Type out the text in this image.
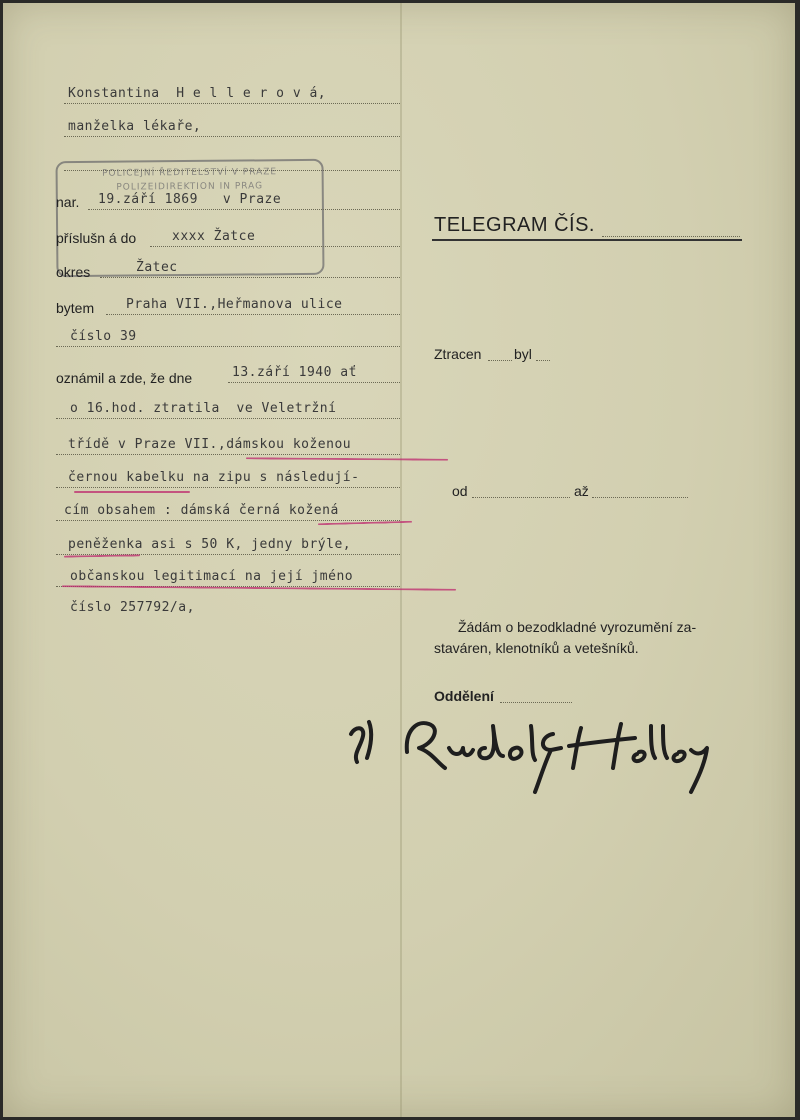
Konstantina  H e l l e r o v á,
manželka lékaře,
POLICEJNÍ ŘEDITELSTVÍ V PRAZE
POLIZEIDIREKTION IN PRAG
nar. 19.září 1869   v Praze
příslušn á do	xxxx Žatce
okres	Žatec
bytem Praha VII.,Heřmanova ulice
číslo 39
oznámil a zde, že dne	13.září 1940 ať
o 16.hod. ztratila  ve Veletržní
třídě v Praze VII.,dámskou koženou
černou kabelku na zipu s následují-
cím obsahem : dámská černá kožená
peněženka asi s 50 K, jedny brýle,
občanskou legitimací na její jméno
číslo 257792/a,
TELEGRAM ČÍS.
Ztracen byl
od	až
Žádám o bezodkladné vyrozumění za-
staváren, klenotníků a vetešníků.
Oddělení
